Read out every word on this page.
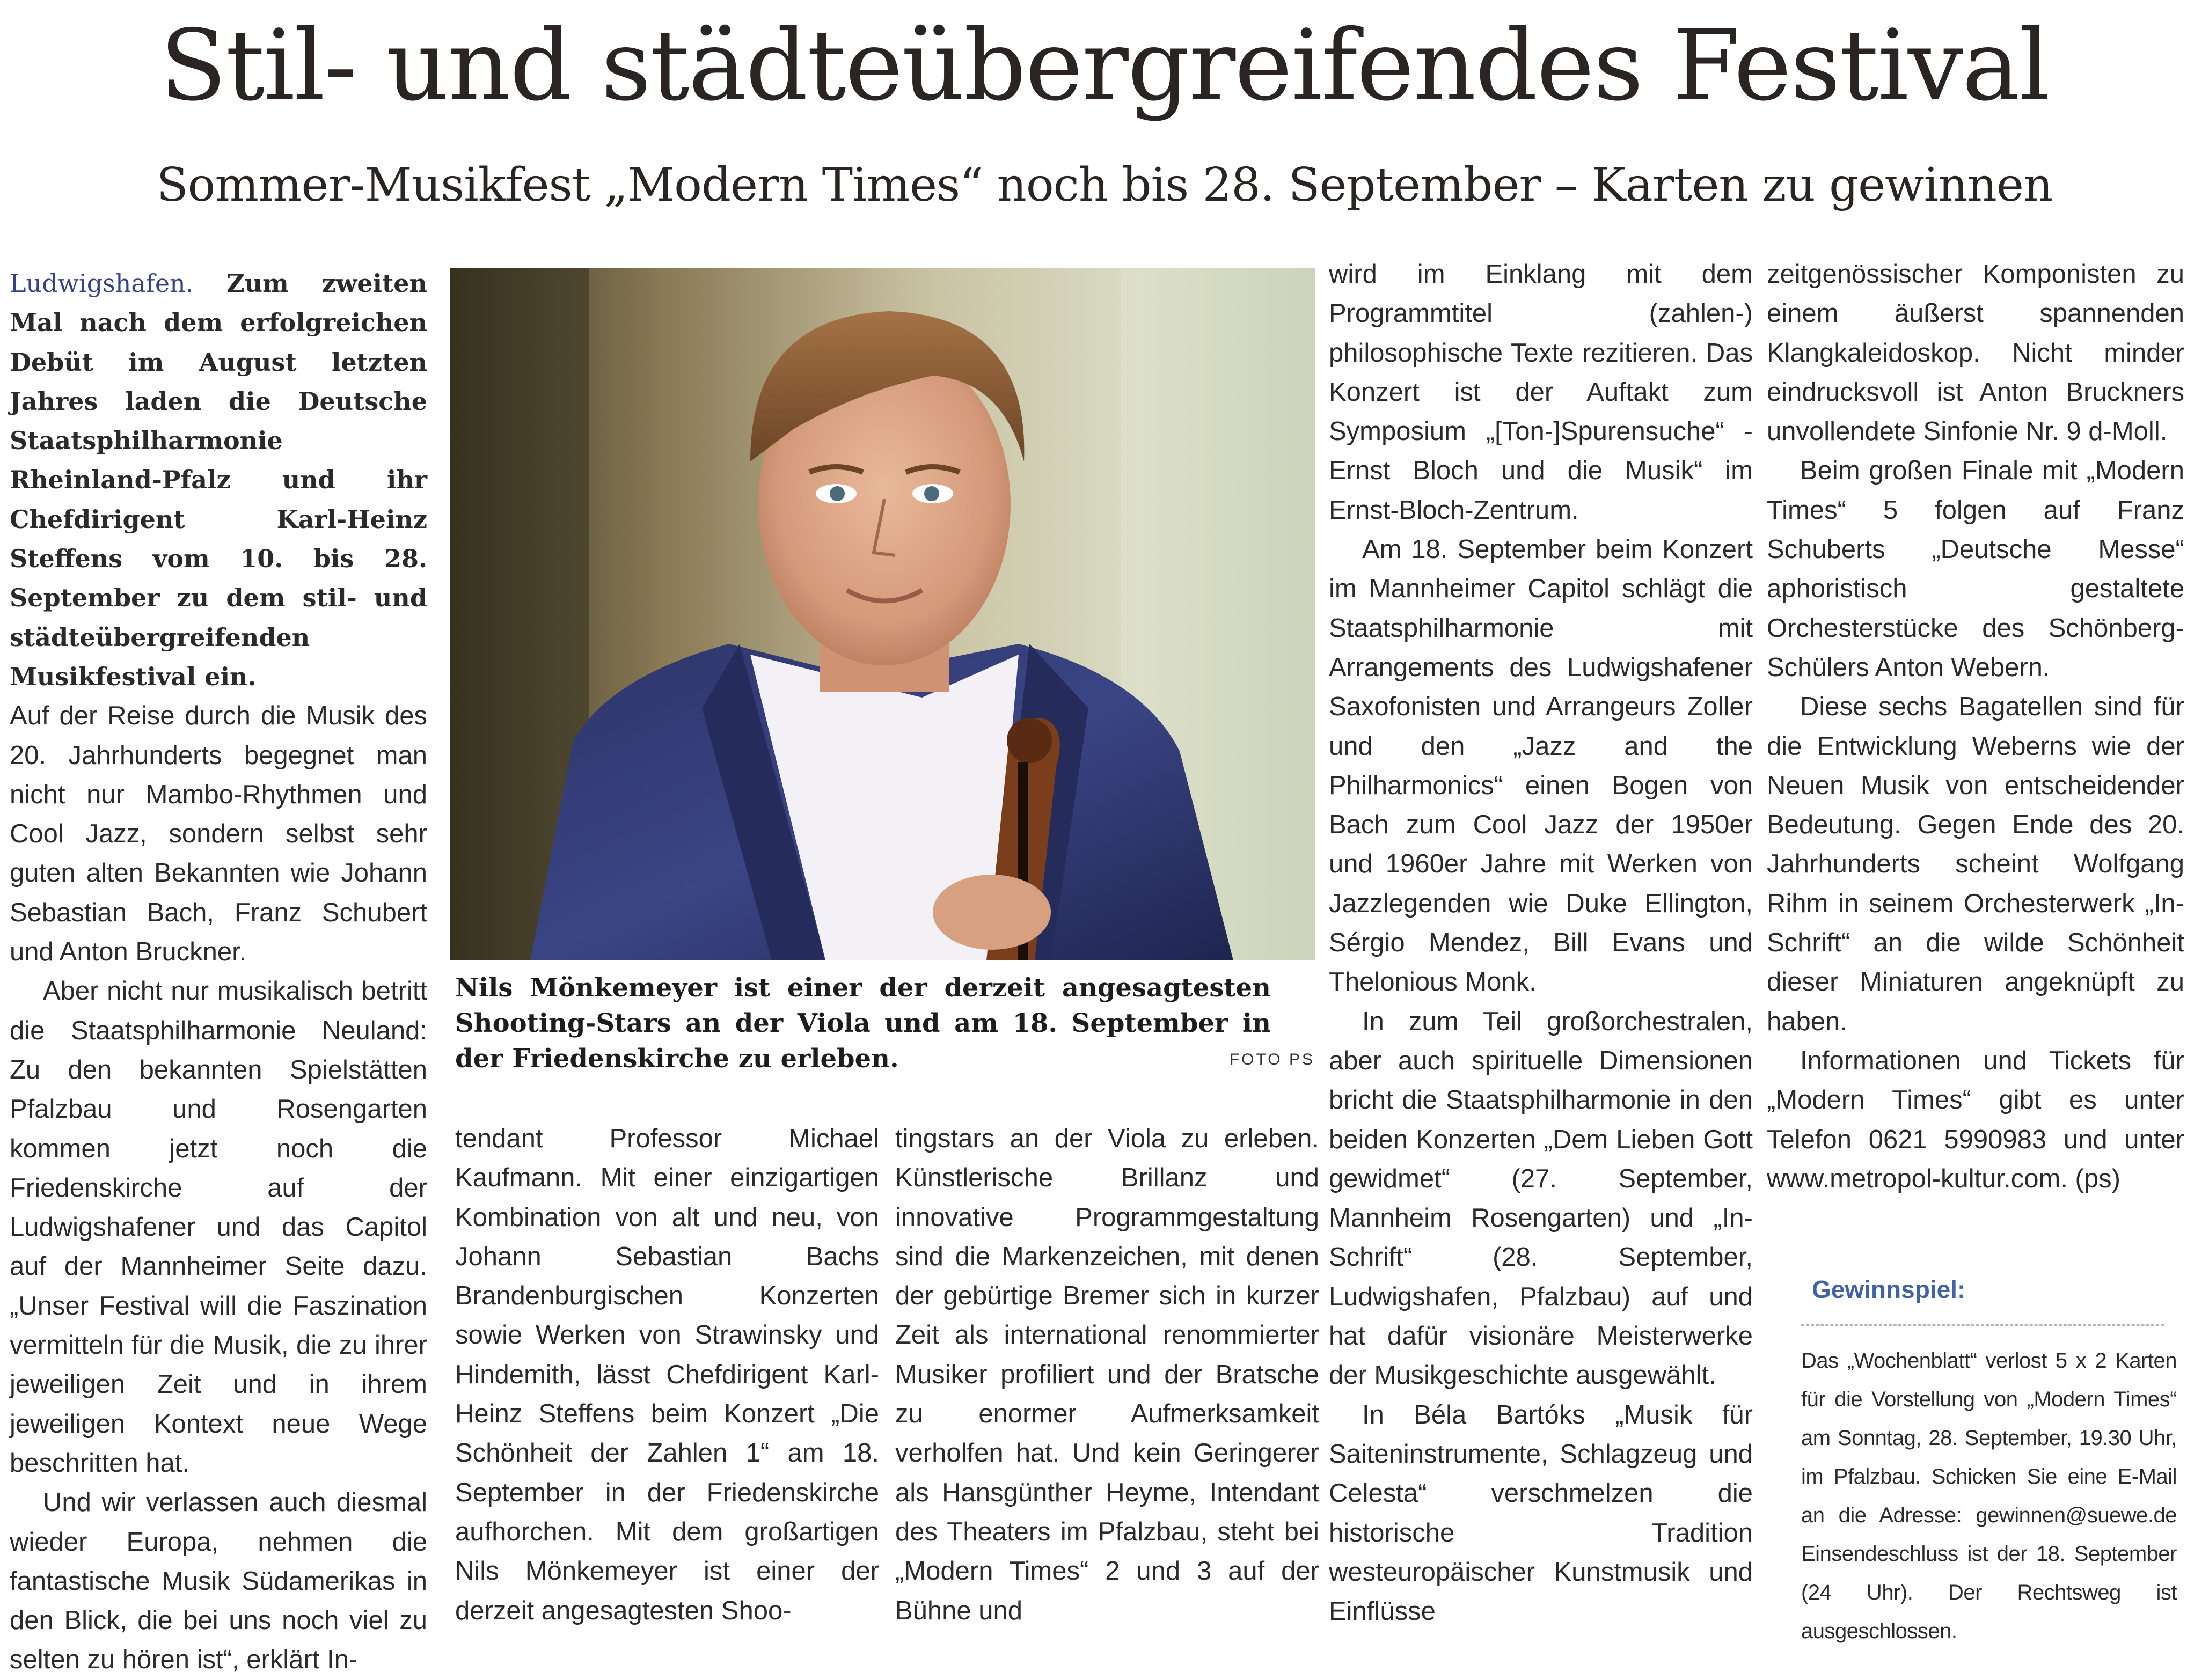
Stil- und städteübergreifendes Festival
Sommer-Musikfest „Modern Times“ noch bis 28. September – Karten zu gewinnen

Ludwigshafen. Zum zweiten Mal nach dem erfolgreichen Debüt im August letzten Jahres laden die Deutsche Staatsphilharmonie Rheinland-Pfalz und ihr Chefdirigent Karl-Heinz Steffens vom 10. bis 28. September zu dem stil- und städteübergreifenden Musikfestival ein.

Auf der Reise durch die Musik des 20. Jahrhunderts begegnet man nicht nur Mambo-Rhythmen und Cool Jazz, sondern selbst sehr guten alten Bekannten wie Johann Sebastian Bach, Franz Schubert und Anton Bruckner.

Aber nicht nur musikalisch betritt die Staatsphilharmonie Neuland: Zu den bekannten Spielstätten Pfalzbau und Rosengarten kommen jetzt noch die Friedenskirche auf der Ludwigshafener und das Capitol auf der Mannheimer Seite dazu. „Unser Festival will die Faszination vermitteln für die Musik, die zu ihrer jeweiligen Zeit und in ihrem jeweiligen Kontext neue Wege beschritten hat.

Und wir verlassen auch diesmal wieder Europa, nehmen die fantastische Musik Südamerikas in den Blick, die bei uns noch viel zu selten zu hören ist“, erklärt In-

Nils Mönkemeyer ist einer der derzeit angesagtesten Shooting-Stars an der Viola und am 18. September in der Friedenskirche zu erleben.	FOTO PS

tendant Professor Michael Kaufmann. Mit einer einzigartigen Kombination von alt und neu, von Johann Sebastian Bachs Brandenburgischen Konzerten sowie Werken von Strawinsky und Hindemith, lässt Chefdirigent Karl-Heinz Steffens beim Konzert „Die Schönheit der Zahlen 1“ am 18. September in der Friedenskirche aufhorchen. Mit dem großartigen Nils Mönkemeyer ist einer der derzeit angesagtesten Shoo-

tingstars an der Viola zu erleben. Künstlerische Brillanz und innovative Programmgestaltung sind die Markenzeichen, mit denen der gebürtige Bremer sich in kurzer Zeit als international renommierter Musiker profiliert und der Bratsche zu enormer Aufmerksamkeit verholfen hat. Und kein Geringerer als Hansgünther Heyme, Intendant des Theaters im Pfalzbau, steht bei „Modern Times“ 2 und 3 auf der Bühne und

wird im Einklang mit dem Programmtitel (zahlen-) philosophische Texte rezitieren. Das Konzert ist der Auftakt zum Symposium „[Ton-]Spurensuche“ - Ernst Bloch und die Musik“ im Ernst-Bloch-Zentrum.

Am 18. September beim Konzert im Mannheimer Capitol schlägt die Staatsphilharmonie mit Arrangements des Ludwigshafener Saxofonisten und Arrangeurs Zoller und den „Jazz and the Philharmonics“ einen Bogen von Bach zum Cool Jazz der 1950er und 1960er Jahre mit Werken von Jazzlegenden wie Duke Ellington, Sérgio Mendez, Bill Evans und Thelonious Monk.

In zum Teil großorchestralen, aber auch spirituelle Dimensionen bricht die Staatsphilharmonie in den beiden Konzerten „Dem Lieben Gott gewidmet“ (27. September, Mannheim Rosengarten) und „In-Schrift“ (28. September, Ludwigshafen, Pfalzbau) auf und hat dafür visionäre Meisterwerke der Musikgeschichte ausgewählt.

In Béla Bartóks „Musik für Saiteninstrumente, Schlagzeug und Celesta“ verschmelzen die historische Tradition westeuropäischer Kunstmusik und Einflüsse

zeitgenössischer Komponisten zu einem äußerst spannenden Klangkaleidoskop. Nicht minder eindrucksvoll ist Anton Bruckners unvollendete Sinfonie Nr. 9 d-Moll.

Beim großen Finale mit „Modern Times“ 5 folgen auf Franz Schuberts „Deutsche Messe“ aphoristisch gestaltete Orchesterstücke des Schönberg-Schülers Anton Webern.

Diese sechs Bagatellen sind für die Entwicklung Weberns wie der Neuen Musik von entscheidender Bedeutung. Gegen Ende des 20. Jahrhunderts scheint Wolfgang Rihm in seinem Orchesterwerk „In-Schrift“ an die wilde Schönheit dieser Miniaturen angeknüpft zu haben.

Informationen und Tickets für „Modern Times“ gibt es unter Telefon 0621 5990983 und unter www.metropol-kultur.com. (ps)

Gewinnspiel:

Das „Wochenblatt“ verlost 5 x 2 Karten für die Vorstellung von „Modern Times“ am Sonntag, 28. September, 19.30 Uhr, im Pfalzbau. Schicken Sie eine E-Mail an die Adresse: gewinnen@suewe.de Einsendeschluss ist der 18. September (24 Uhr). Der Rechtsweg ist ausgeschlossen.
